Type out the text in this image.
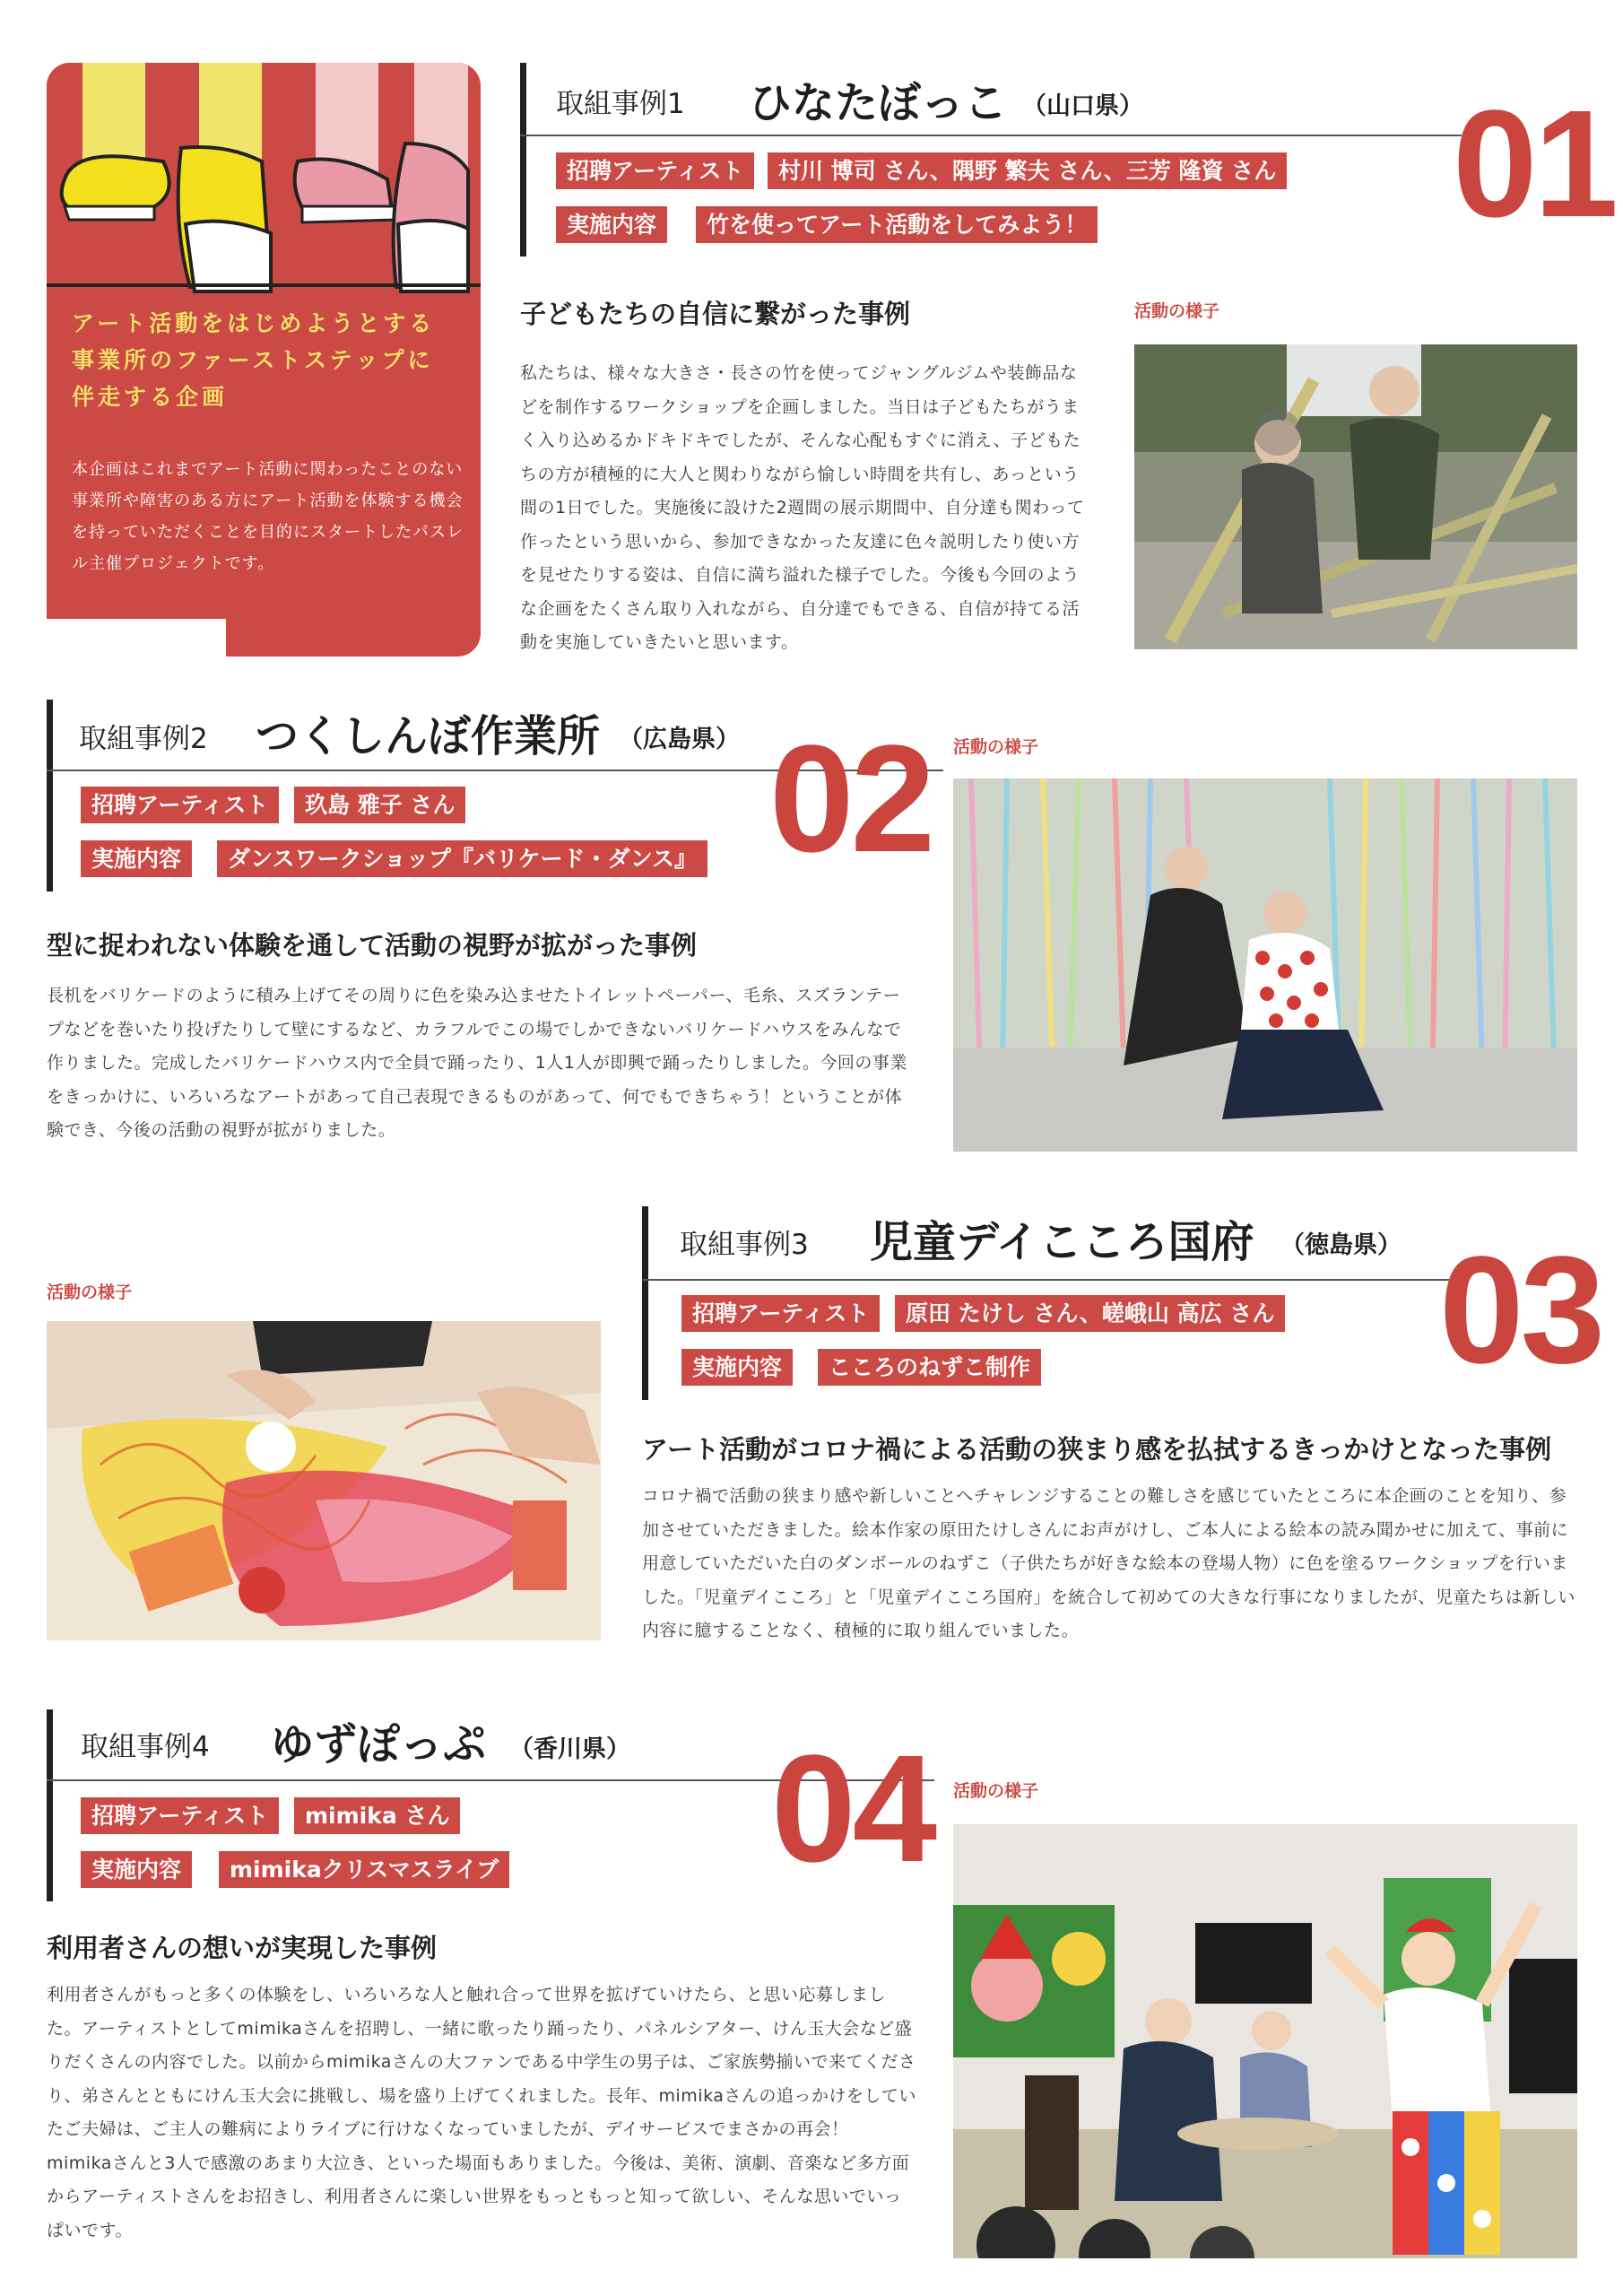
アート活動をはじめようとする
事業所のファーストステップに
伴走する企画
本企画はこれまでアート活動に関わったことのない事業所や障害のある方にアート活動を体験する機会を持っていただくことを目的にスタートしたパスレル主催プロジェクトです。
取組事例1 ひなたぼっこ （山口県） 01
招聘アーティスト	村川 博司 さん、隅野 繁夫 さん、三芳 隆資 さん
実施内容	竹を使ってアート活動をしてみよう！
子どもたちの自信に繋がった事例
私たちは、様々な大きさ・長さの竹を使ってジャングルジムや装飾品などを制作するワークショップを企画しました。当日は子どもたちがうまく入り込めるかドキドキでしたが、そんな心配もすぐに消え、子どもたちの方が積極的に大人と関わりながら愉しい時間を共有し、あっという間の1日でした。実施後に設けた2週間の展示期間中、自分達も関わって作ったという思いから、参加できなかった友達に色々説明したり使い方を見せたりする姿は、自信に満ち溢れた様子でした。今後も今回のような企画をたくさん取り入れながら、自分達でもできる、自信が持てる活動を実施していきたいと思います。
活動の様子
取組事例2 つくしんぼ作業所 （広島県） 02
招聘アーティスト	玖島 雅子 さん
実施内容	ダンスワークショップ『バリケード・ダンス』
型に捉われない体験を通して活動の視野が拡がった事例
長机をバリケードのように積み上げてその周りに色を染み込ませたトイレットペーパー、毛糸、スズランテープなどを巻いたり投げたりして壁にするなど、カラフルでこの場でしかできないバリケードハウスをみんなで作りました。完成したバリケードハウス内で全員で踊ったり、1人1人が即興で踊ったりしました。今回の事業をきっかけに、いろいろなアートがあって自己表現できるものがあって、何でもできちゃう！ということが体験でき、今後の活動の視野が拡がりました。
活動の様子
取組事例3 児童デイこころ国府 （徳島県） 03
招聘アーティスト	原田 たけし さん、嵯峨山 高広 さん
実施内容	こころのねずこ制作
アート活動がコロナ禍による活動の狭まり感を払拭するきっかけとなった事例
コロナ禍で活動の狭まり感や新しいことへチャレンジすることの難しさを感じていたところに本企画のことを知り、参加させていただきました。絵本作家の原田たけしさんにお声がけし、ご本人による絵本の読み聞かせに加えて、事前に用意していただいた白のダンボールのねずこ（子供たちが好きな絵本の登場人物）に色を塗るワークショップを行いました。「児童デイこころ」と「児童デイこころ国府」を統合して初めての大きな行事になりましたが、児童たちは新しい内容に臆することなく、積極的に取り組んでいました。
活動の様子
取組事例4 ゆずぽっぷ （香川県） 04
招聘アーティスト	mimika さん
実施内容	mimikaクリスマスライブ
利用者さんの想いが実現した事例
利用者さんがもっと多くの体験をし、いろいろな人と触れ合って世界を拡げていけたら、と思い応募しました。アーティストとしてmimikaさんを招聘し、一緒に歌ったり踊ったり、パネルシアター、けん玉大会など盛りだくさんの内容でした。以前からmimikaさんの大ファンである中学生の男子は、ご家族勢揃いで来てくださり、弟さんとともにけん玉大会に挑戦し、場を盛り上げてくれました。長年、mimikaさんの追っかけをしていたご夫婦は、ご主人の難病によりライブに行けなくなっていましたが、デイサービスでまさかの再会！ mimikaさんと3人で感激のあまり大泣き、といった場面もありました。今後は、美術、演劇、音楽など多方面からアーティストさんをお招きし、利用者さんに楽しい世界をもっともっと知って欲しい、そんな思いでいっぱいです。
活動の様子
